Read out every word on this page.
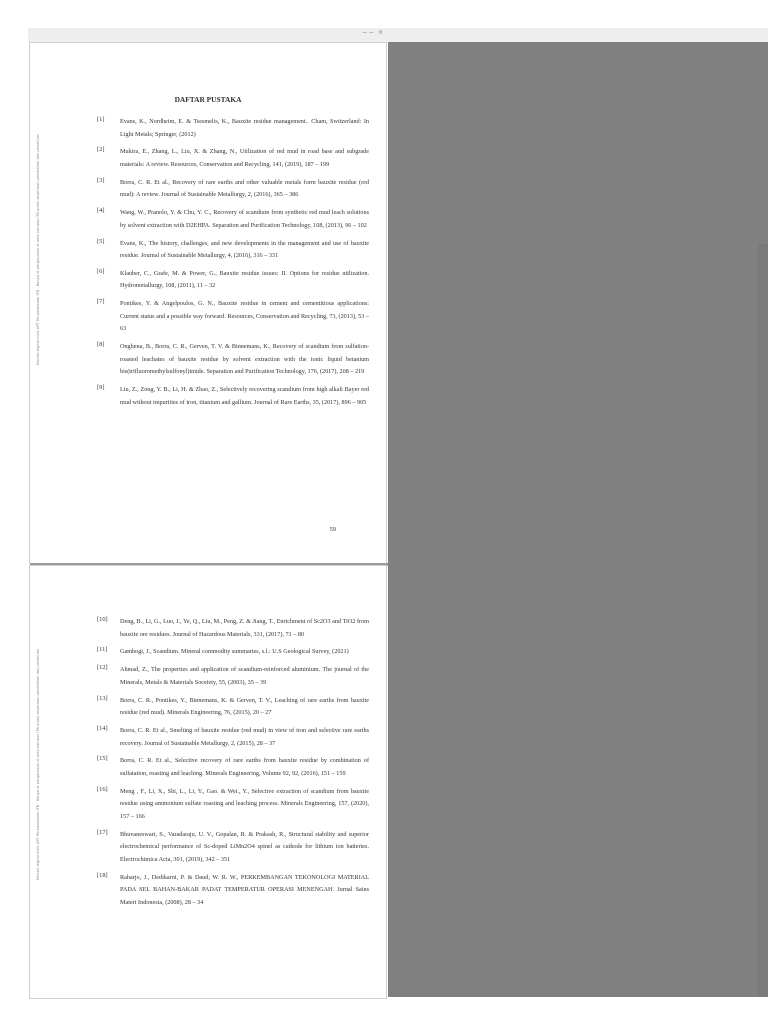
− − ×
Koleksi digital milik UPT Perpustakaan ITB · Hanya di pergunakan di area kampus ITB untuk keperluan pendidikan dan penelitian
DAFTAR PUSTAKA
[1]	Evans, K., Nordheim, E. & Tsesmelis, K., Bauxite residue management.. Cham, Switzerland: In Light Metals; Springer, (2012)
[2]	Mukira, E., Zhang, L., Liu, X. & Zhang, N., Utilization of red mud in road base and subgrade materials: A review. Resources, Conservation and Recycling, 141, (2019), 187 – 199
[3]	Borra, C. R. Et al., Recovery of rare earths and other valuable metals form bauxite residue (red mud): A review. Journal of Sustainable Metallurgy, 2, (2016), 365 – 386
[4]	Wang, W., Pranolo, Y. & Chu, Y. C., Recovery of scandium from synthetic red mud leach solutions by solvent extraction with D2EHPA. Separation and Purification Technology, 108, (2013), 96 – 102
[5]	Evans, K., The history, challenges, and new developments in the management and use of bauxite residue. Journal of Sustainable Metallurgy, 4, (2016), 316 – 331
[6]	Klauber, C., Grafe, M. & Power, G., Bauxite residue issues: II. Options for residue utilization. Hydrometallurgy, 108, (2011), 11 – 32
[7]	Pontikes, Y. & Angelpoulos, G. N., Bauxite residue in cement and cementitious applications: Current status and a possible way forward. Resources, Conservation and Recycling, 73, (2013), 53 – 63
[8]	Onghena, B., Borra, C. R., Gerven, T. V. & Binnemans, K., Recovery of scandium from sulfation-roasted leachates of bauxite residue by solvent extraction with the ionic liquid betanium bis(trifluoromethylsulfonyl)imide. Separation and Purification Technology, 176, (2017), 208 – 219
[9]	Liu, Z., Zong, Y. B., Li, H. & Zhao, Z., Selectively recovering scandium from high alkali Bayer red mud without impurities of iron, titanium and gallium. Journal of Rare Earths, 35, (2017), 896 – 905
59
Koleksi digital milik UPT Perpustakaan ITB · Hanya di pergunakan di area kampus ITB untuk keperluan pendidikan dan penelitian
[10] Deng, B., Li, G., Luo, J., Ye, Q., Liu, M., Peng, Z. & Jiang, T., Enrichment of Sc2O3 and TiO2 from bauxite ore residues. Journal of Hazardous Materials, 331, (2017), 71 – 80
[11] Gambogi, J., Scandium. Mineral commodity summaries, s.l.: U.S Geological Survey, (2021)
[12] Ahmad, Z., The properties and application of scandium-reinforced aluminium. The journal of the Minerals, Metals & Materials Soceiety, 55, (2003), 35 – 39
[13] Borra, C. R., Pontikes, Y., Binnemans, K. & Gerven, T. V., Leaching of rare earths from bauxite residue (red mud). Minerals Engineering, 76, (2015), 20 – 27
[14] Borra, C. R. Et al., Smelting of bauxite residue (red mud) in view of iron and selective rare earths recovery. Journal of Sustainable Metallurgy, 2, (2015), 28 – 37
[15] Borra, C. R. Et al., Selective recovery of rare earths from bauxite residue by combination of sulfatation, roasting and leaching. Minerals Engineering, Volume 92, 92, (2016), 151 – 159
[16] Meng , F., Li, X., Shi, L., Li, Y., Gao. & Wei., Y., Selective extraction of scandium from bauxite residue using ammonium sulfate roasting and leaching process. Minerals Engineering, 157, (2020), 157 – 166
[17] Bhuvaneswari, S., Varadaraju, U. V., Gopalan, R. & Prakash, R., Structural stability and superior electrochemical performance of Sc-doped LiMn2O4 spinel as cathode for lithium ion batteries. Electrochimica Acta, 301, (2019), 342 – 351
[18] Raharjo, J., Dedikarni, P. & Daud, W. R. W., PERKEMBANGAN TEKONOLOGI MATERIAL PADA SEL BAHAN-BAKAR PADAT TEMPERATUR OPERASI MENENGAH. Jurnal Sains Materi Indonesia, (2008), 28 – 34
